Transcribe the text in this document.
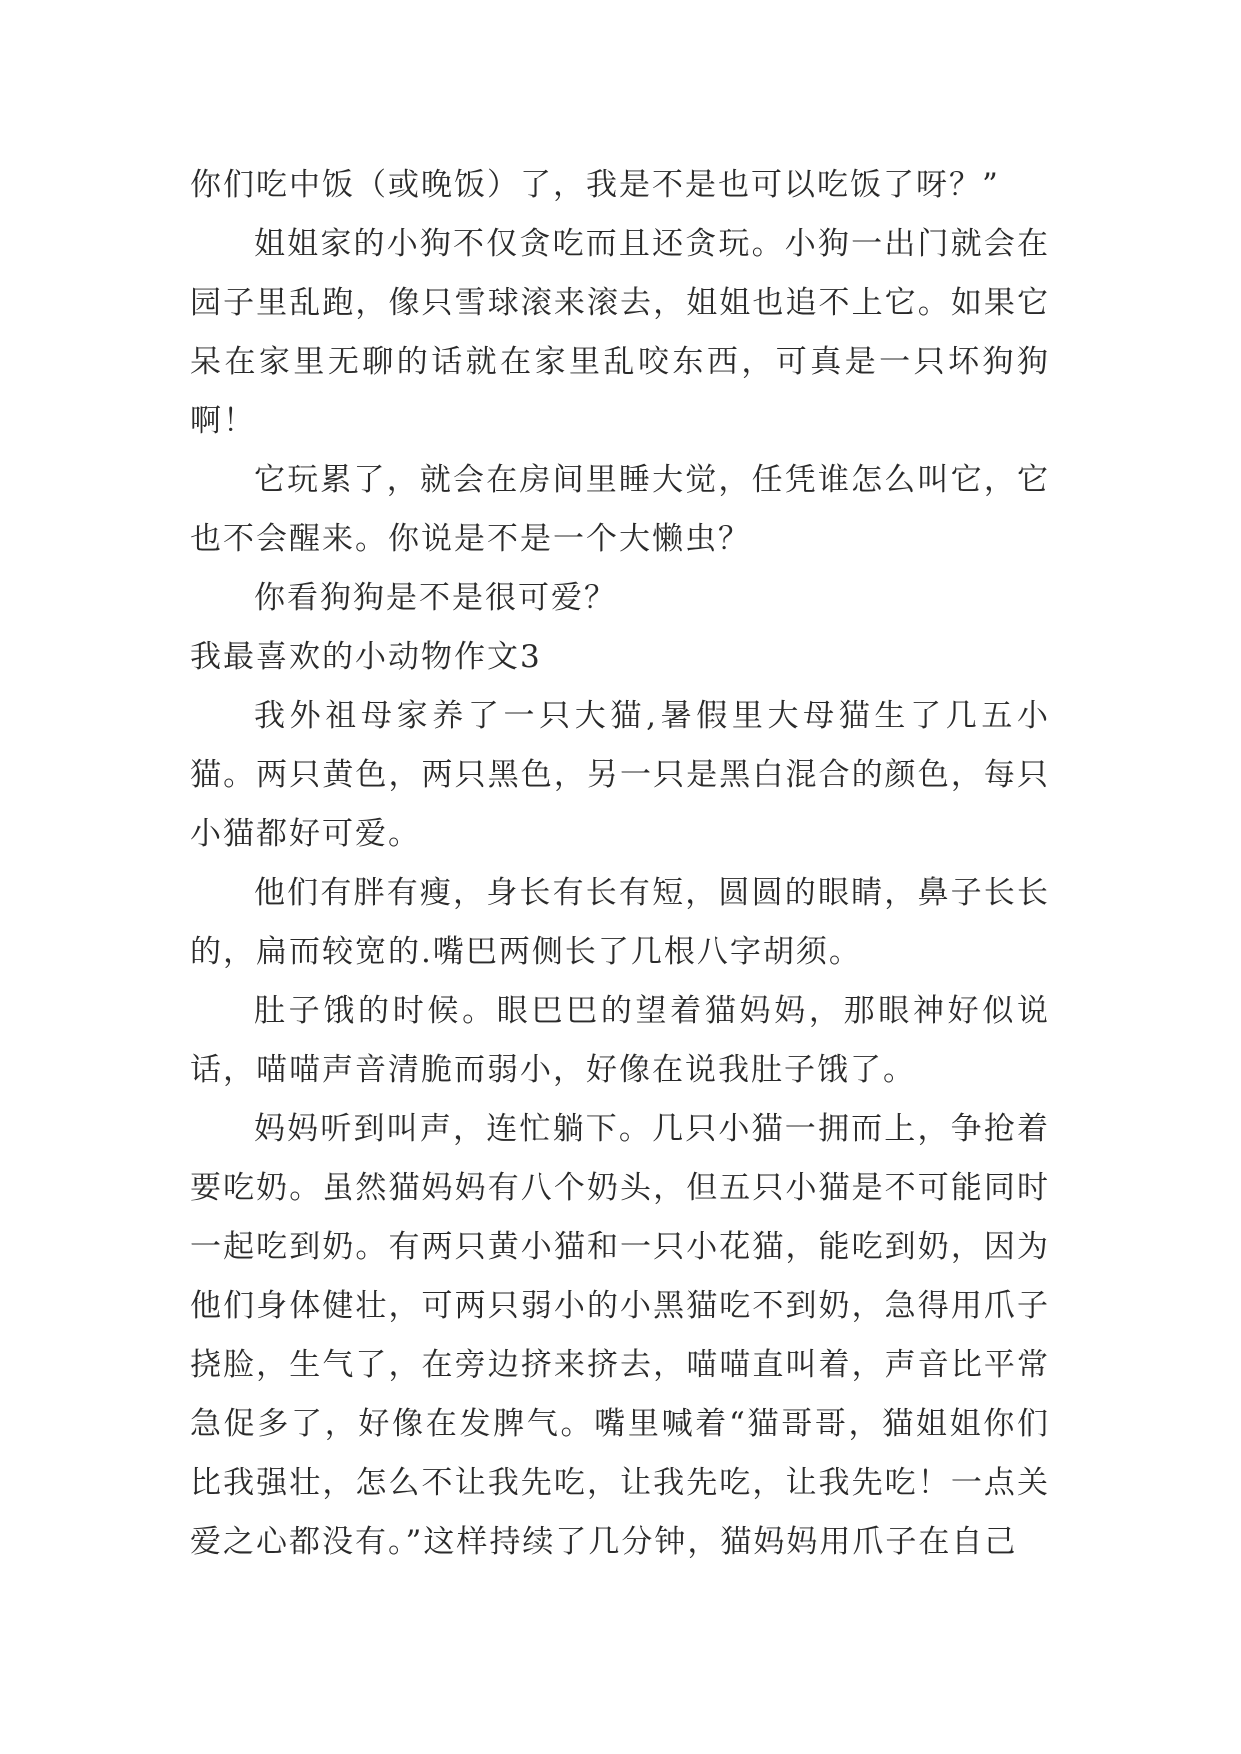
你们吃中饭（或晚饭）了，我是不是也可以吃饭了呀？”

姐姐家的小狗不仅贪吃而且还贪玩。小狗一出门就会在园子里乱跑，像只雪球滚来滚去，姐姐也追不上它。如果它呆在家里无聊的话就在家里乱咬东西，可真是一只坏狗狗啊！

它玩累了，就会在房间里睡大觉，任凭谁怎么叫它，它也不会醒来。你说是不是一个大懒虫？

你看狗狗是不是很可爱？

我最喜欢的小动物作文3

我外祖母家养了一只大猫,暑假里大母猫生了几五小猫。两只黄色，两只黑色，另一只是黑白混合的颜色，每只小猫都好可爱。

他们有胖有瘦，身长有长有短，圆圆的眼睛，鼻子长长的，扁而较宽的.嘴巴两侧长了几根八字胡须。

肚子饿的时候。眼巴巴的望着猫妈妈，那眼神好似说话，喵喵声音清脆而弱小，好像在说我肚子饿了。

妈妈听到叫声，连忙躺下。几只小猫一拥而上，争抢着要吃奶。虽然猫妈妈有八个奶头，但五只小猫是不可能同时一起吃到奶。有两只黄小猫和一只小花猫，能吃到奶，因为他们身体健壮，可两只弱小的小黑猫吃不到奶，急得用爪子挠脸，生气了，在旁边挤来挤去，喵喵直叫着，声音比平常急促多了，好像在发脾气。嘴里喊着“猫哥哥，猫姐姐你们比我强壮，怎么不让我先吃，让我先吃，让我先吃！一点关爱之心都没有。”这样持续了几分钟，猫妈妈用爪子在自己
